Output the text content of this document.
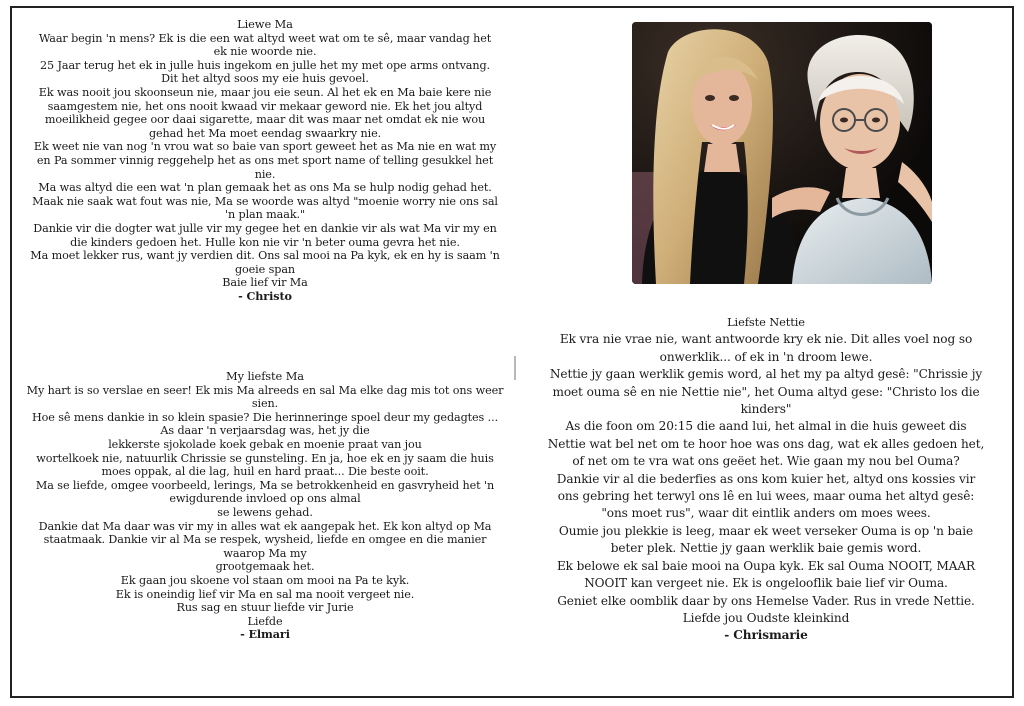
Liewe Ma

Waar begin 'n mens? Ek is die een wat altyd weet wat om te sê, maar vandag het

ek nie woorde nie.

25 Jaar terug het ek in julle huis ingekom en julle het my met ope arms ontvang.

Dit het altyd soos my eie huis gevoel.

Ek was nooit jou skoonseun nie, maar jou eie seun. Al het ek en Ma baie kere nie

saamgestem nie, het ons nooit kwaad vir mekaar geword nie. Ek het jou altyd

moeilikheid gegee oor daai sigarette, maar dit was maar net omdat ek nie wou

gehad het Ma moet eendag swaarkry nie.

Ek weet nie van nog 'n vrou wat so baie van sport geweet het as Ma nie en wat my

en Pa sommer vinnig reggehelp het as ons met sport name of telling gesukkel het

nie.

Ma was altyd die een wat 'n plan gemaak het as ons Ma se hulp nodig gehad het.

Maak nie saak wat fout was nie, Ma se woorde was altyd "moenie worry nie ons sal

'n plan maak."

Dankie vir die dogter wat julle vir my gegee het en dankie vir als wat Ma vir my en

die kinders gedoen het. Hulle kon nie vir 'n beter ouma gevra het nie.

Ma moet lekker rus, want jy verdien dit. Ons sal mooi na Pa kyk, ek en hy is saam 'n

goeie span

Baie lief vir Ma

- Christo

My liefste Ma

My hart is so verslae en seer! Ek mis Ma alreeds en sal Ma elke dag mis tot ons weer

sien.

Hoe sê mens dankie in so klein spasie? Die herinneringe spoel deur my gedagtes ...

As daar 'n verjaarsdag was, het jy die

lekkerste sjokolade koek gebak en moenie praat van jou

wortelkoek nie, natuurlik Chrissie se gunsteling. En ja, hoe ek en jy saam die huis

moes oppak, al die lag, huil en hard praat... Die beste ooit.

Ma se liefde, omgee voorbeeld, lerings, Ma se betrokkenheid en gasvryheid het 'n

ewigdurende invloed op ons almal

se lewens gehad.

Dankie dat Ma daar was vir my in alles wat ek aangepak het. Ek kon altyd op Ma

staatmaak. Dankie vir al Ma se respek, wysheid, liefde en omgee en die manier

waarop Ma my

grootgemaak het.

Ek gaan jou skoene vol staan om mooi na Pa te kyk.

Ek is oneindig lief vir Ma en sal ma nooit vergeet nie.

Rus sag en stuur liefde vir Jurie

Liefde

- Elmari

Liefste Nettie

Ek vra nie vrae nie, want antwoorde kry ek nie. Dit alles voel nog so

onwerklik... of ek in 'n droom lewe.

Nettie jy gaan werklik gemis word, al het my pa altyd gesê: "Chrissie jy

moet ouma sê en nie Nettie nie", het Ouma altyd gese: "Christo los die

kinders"

As die foon om 20:15 die aand lui, het almal in die huis geweet dis

Nettie wat bel net om te hoor hoe was ons dag, wat ek alles gedoen het,

of net om te vra wat ons geëet het. Wie gaan my nou bel Ouma?

Dankie vir al die bederfies as ons kom kuier het, altyd ons kossies vir

ons gebring het terwyl ons lê en lui wees, maar ouma het altyd gesê:

"ons moet rus", waar dit eintlik anders om moes wees.

Oumie jou plekkie is leeg, maar ek weet verseker Ouma is op 'n baie

beter plek. Nettie jy gaan werklik baie gemis word.

Ek belowe ek sal baie mooi na Oupa kyk. Ek sal Ouma NOOIT, MAAR

NOOIT kan vergeet nie. Ek is ongelooflik baie lief vir Ouma.

Geniet elke oomblik daar by ons Hemelse Vader. Rus in vrede Nettie.

Liefde jou Oudste kleinkind

- Chrismarie
